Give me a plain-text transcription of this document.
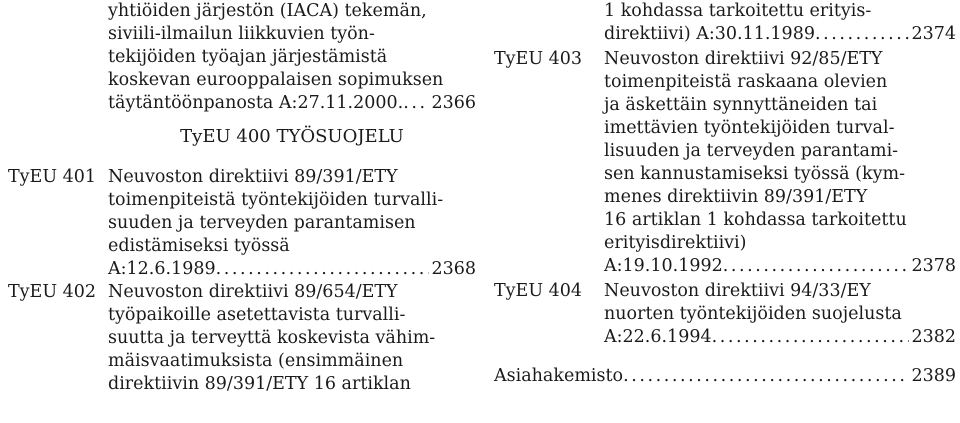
yhtiöiden järjestön (IACA) tekemän,
siviili-ilmailun liikkuvien työn-
tekijöiden työajan järjestämistä
koskevan eurooppalaisen sopimuksen
täytäntöönpanosta A:27.11.2000. . . . 2366
TyEU 400 TYÖSUOJELU
TyEU 401 Neuvoston direktiivi 89/391/ETY
toimenpiteistä työntekijöiden turvalli-
suuden ja terveyden parantamisen
edistämiseksi työssä
A:12.6.1989 . . .	2368
TyEU 402 Neuvoston direktiivi 89/654/ETY
työpaikoille asetettavista turvalli-
suutta ja terveyttä koskevista vähim-
mäisvaatimuksista (ensimmäinen
direktiivin 89/391/ETY 16 artiklan
1 kohdassa tarkoitettu erityis-
direktiivi) A:30.11.1989 . . .	2374
TyEU 403 Neuvoston direktiivi 92/85/ETY
toimenpiteistä raskaana olevien
ja äskettäin synnyttäneiden tai
imettävien työntekijöiden turval-
lisuuden ja terveyden parantami-
sen kannustamiseksi työssä (kym-
menes direktiivin 89/391/ETY
16 artiklan 1 kohdassa tarkoitettu
erityisdirektiivi)
A:19.10.1992 . . .	2378
TyEU 404 Neuvoston direktiivi 94/33/EY
nuorten työntekijöiden suojelusta
A:22.6.1994 . . .	2382
Asiahakemisto . . .	2389
